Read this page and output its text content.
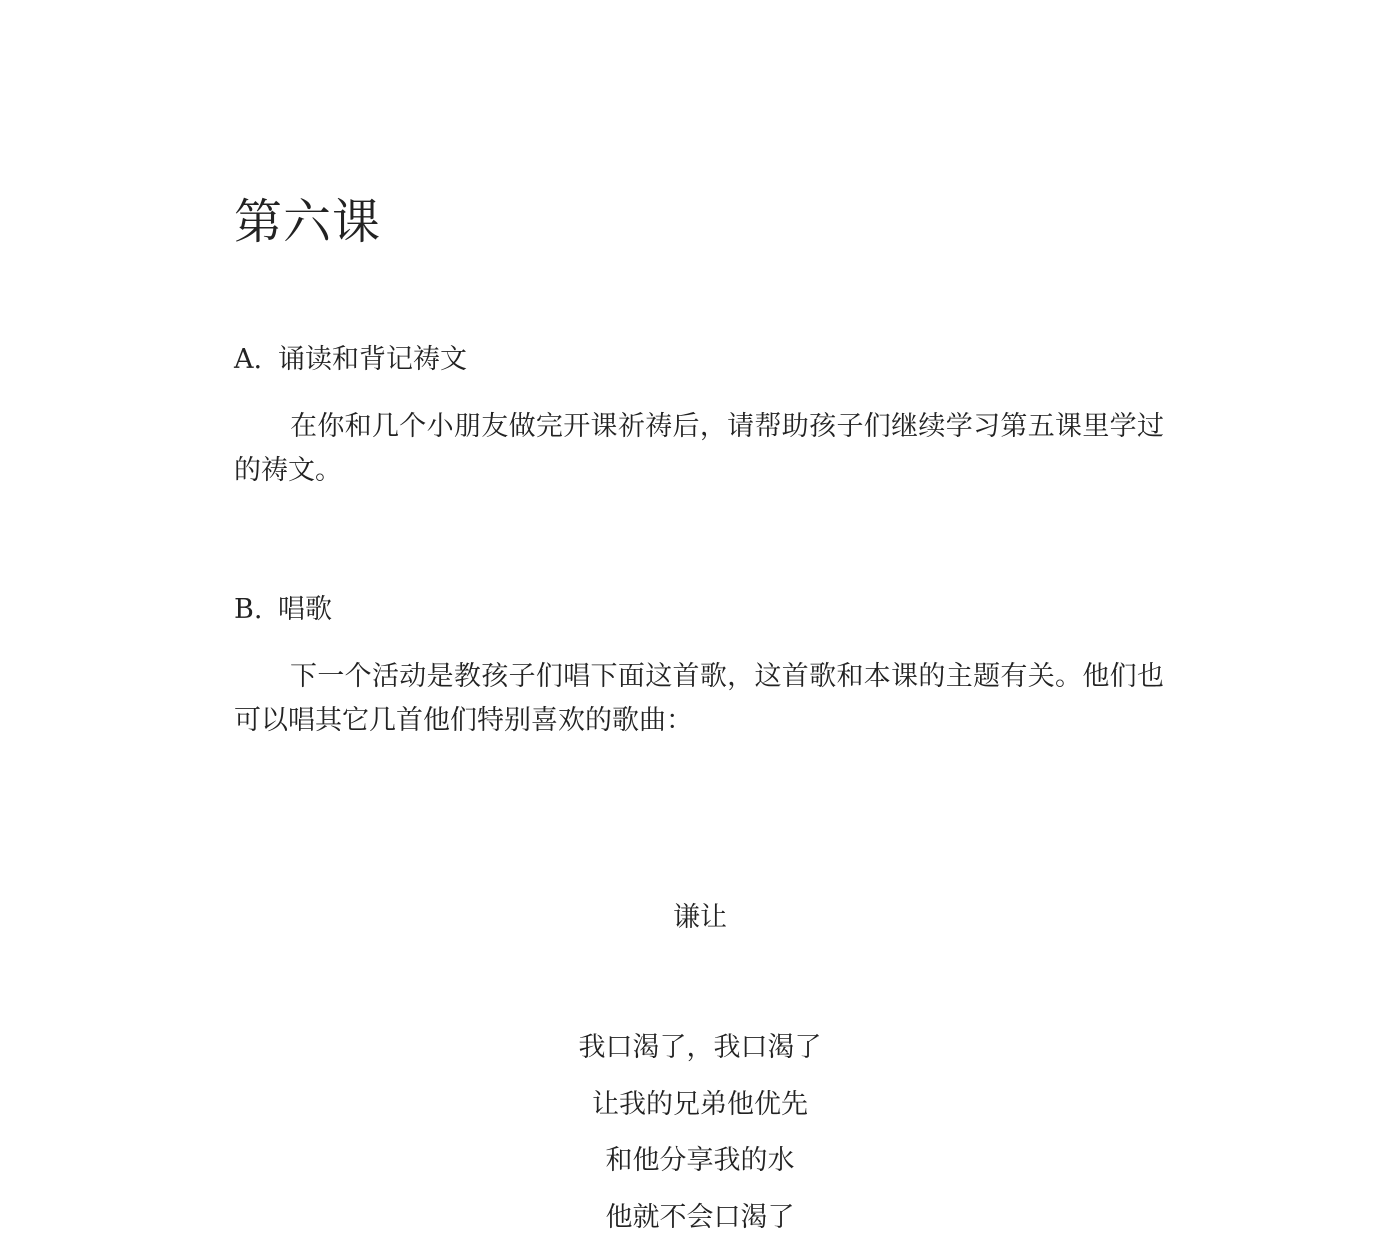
第六课
A. 诵读和背记祷文

在你和几个小朋友做完开课祈祷后，请帮助孩子们继续学习第五课里学过的祷文。

B. 唱歌

下一个活动是教孩子们唱下面这首歌，这首歌和本课的主题有关。他们也可以唱其它几首他们特别喜欢的歌曲：

谦让
我口渴了，我口渴了
让我的兄弟他优先
和他分享我的水
他就不会口渴了
